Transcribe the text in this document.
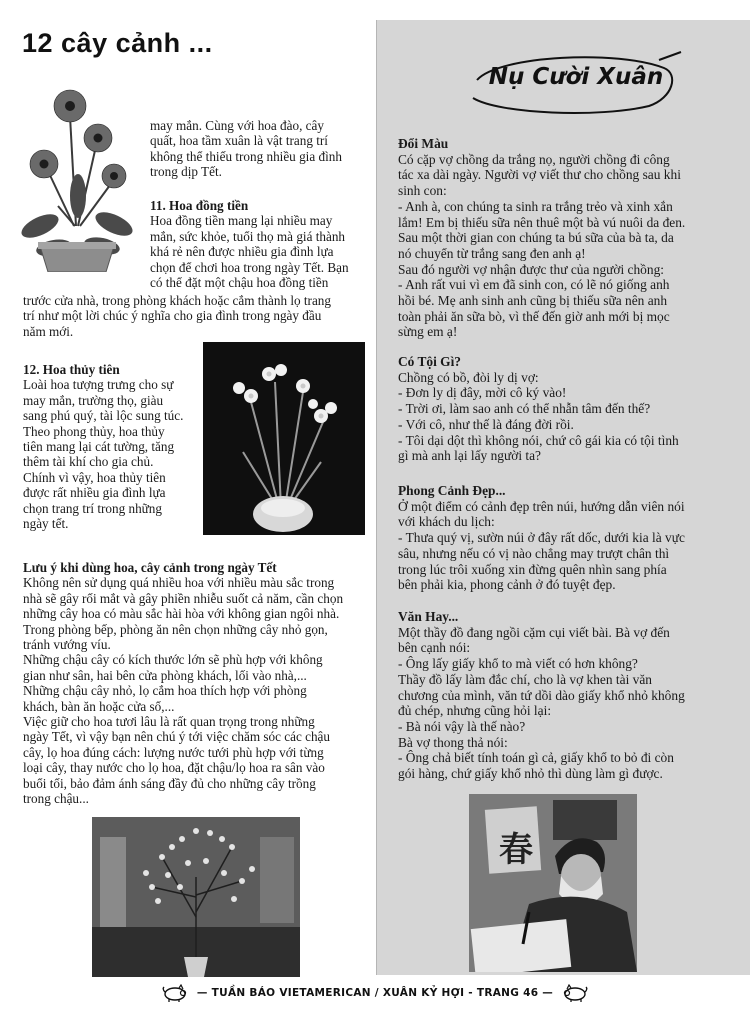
12 cây cảnh ...

may mắn. Cùng với hoa đào, cây

quất, hoa tầm xuân là vật trang trí

không thể thiếu trong nhiều gia đình

trong dịp Tết.

11. Hoa đồng tiền

Hoa đồng tiền mang lại nhiều may

mắn, sức khỏe, tuổi thọ mà giá thành

khá rẻ nên được nhiều gia đình lựa

chọn để chơi hoa trong ngày Tết. Bạn

có thể đặt một chậu hoa đồng tiền

trước cửa nhà, trong phòng khách hoặc cắm thành lọ trang

trí như một lời chúc ý nghĩa cho gia đình trong ngày đầu

năm mới.

12. Hoa thủy tiên

Loài hoa tượng trưng cho sự

may mắn, trường thọ, giàu

sang phú quý, tài lộc sung túc.

Theo phong thủy, hoa thủy

tiên mang lại cát tường, tăng

thêm tài khí cho gia chủ.

Chính vì vậy, hoa thủy tiên

được rất nhiều gia đình lựa

chọn trang trí trong những

ngày tết.

Lưu ý khi dùng hoa, cây cảnh trong ngày Tết

Không nên sử dụng quá nhiều hoa với nhiều màu sắc trong

nhà sẽ gây rối mắt và gây phiền nhiễu suốt cả năm, cần chọn

những cây hoa có màu sắc hài hòa với không gian ngôi nhà.

Trong phòng bếp, phòng ăn nên chọn những cây nhỏ gọn,

tránh vướng víu.

Những chậu cây có kích thước lớn sẽ phù hợp với không

gian như sân, hai bên cửa phòng khách, lối vào nhà,...

Những chậu cây nhỏ, lọ cắm hoa thích hợp với phòng

khách, bàn ăn hoặc cửa sổ,...

Việc giữ cho hoa tươi lâu là rất quan trọng trong những

ngày Tết, vì vậy bạn nên chú ý tới việc chăm sóc các chậu

cây, lọ hoa đúng cách: lượng nước tưới phù hợp với từng

loại cây, thay nước cho lọ hoa, đặt chậu/lọ hoa ra sân vào

buổi tối, bảo đảm ánh sáng đầy đủ cho những cây trồng

trong chậu...

Nụ Cười Xuân

Đổi Màu

Có cặp vợ chồng da trắng nọ, người chồng đi công

tác xa dài ngày. Người vợ viết thư cho chồng sau khi

sinh con:

- Anh à, con chúng ta sinh ra trắng trẻo và xinh xắn

lắm! Em bị thiếu sữa nên thuê một bà vú nuôi da đen.

Sau một thời gian con chúng ta bú sữa của bà ta, da

nó chuyển từ trắng sang đen anh ạ!

Sau đó người vợ nhận được thư của người chồng:

- Anh rất vui vì em đã sinh con, có lẽ nó giống anh

hồi bé. Mẹ anh sinh anh cũng bị thiếu sữa nên anh

toàn phải ăn sữa bò, vì thế đến giờ anh mới bị mọc

sừng em ạ!

Có Tội Gì?

Chồng có bồ, đòi ly dị vợ:

- Đơn ly dị đây, mời cô ký vào!

- Trời ơi, làm sao anh có thể nhẫn tâm đến thế?

- Với cô, như thế là đáng đời rồi.

- Tôi dại dột thì không nói, chứ cô gái kia có tội tình

gì mà anh lại lấy người ta?

Phong Cảnh Đẹp...

Ở một điểm có cảnh đẹp trên núi, hướng dẫn viên nói

với khách du lịch:

- Thưa quý vị, sườn núi ở đây rất dốc, dưới kia là vực

sâu, nhưng nếu có vị nào chẳng may trượt chân thì

trong lúc trôi xuống xin đừng quên nhìn sang phía

bên phải kia, phong cảnh ở đó tuyệt đẹp.

Văn Hay...

Một thầy đồ đang ngồi cặm cụi viết bài. Bà vợ đến

bên cạnh nói:

- Ông lấy giấy khổ to mà viết có hơn không?

Thầy đồ lấy làm đắc chí, cho là vợ khen tài văn

chương của mình, văn tứ dồi dào giấy khổ nhỏ không

đủ chép, nhưng cũng hỏi lại:

- Bà nói vậy là thế nào?

Bà vợ thong thả nói:

- Ông chả biết tính toán gì cả, giấy khổ to bỏ đi còn

gói hàng, chứ giấy khổ nhỏ thì dùng làm gì được.

春
— TUẦN BÁO VIETAMERICAN / XUÂN KỶ HỢI - TRANG 46 —
